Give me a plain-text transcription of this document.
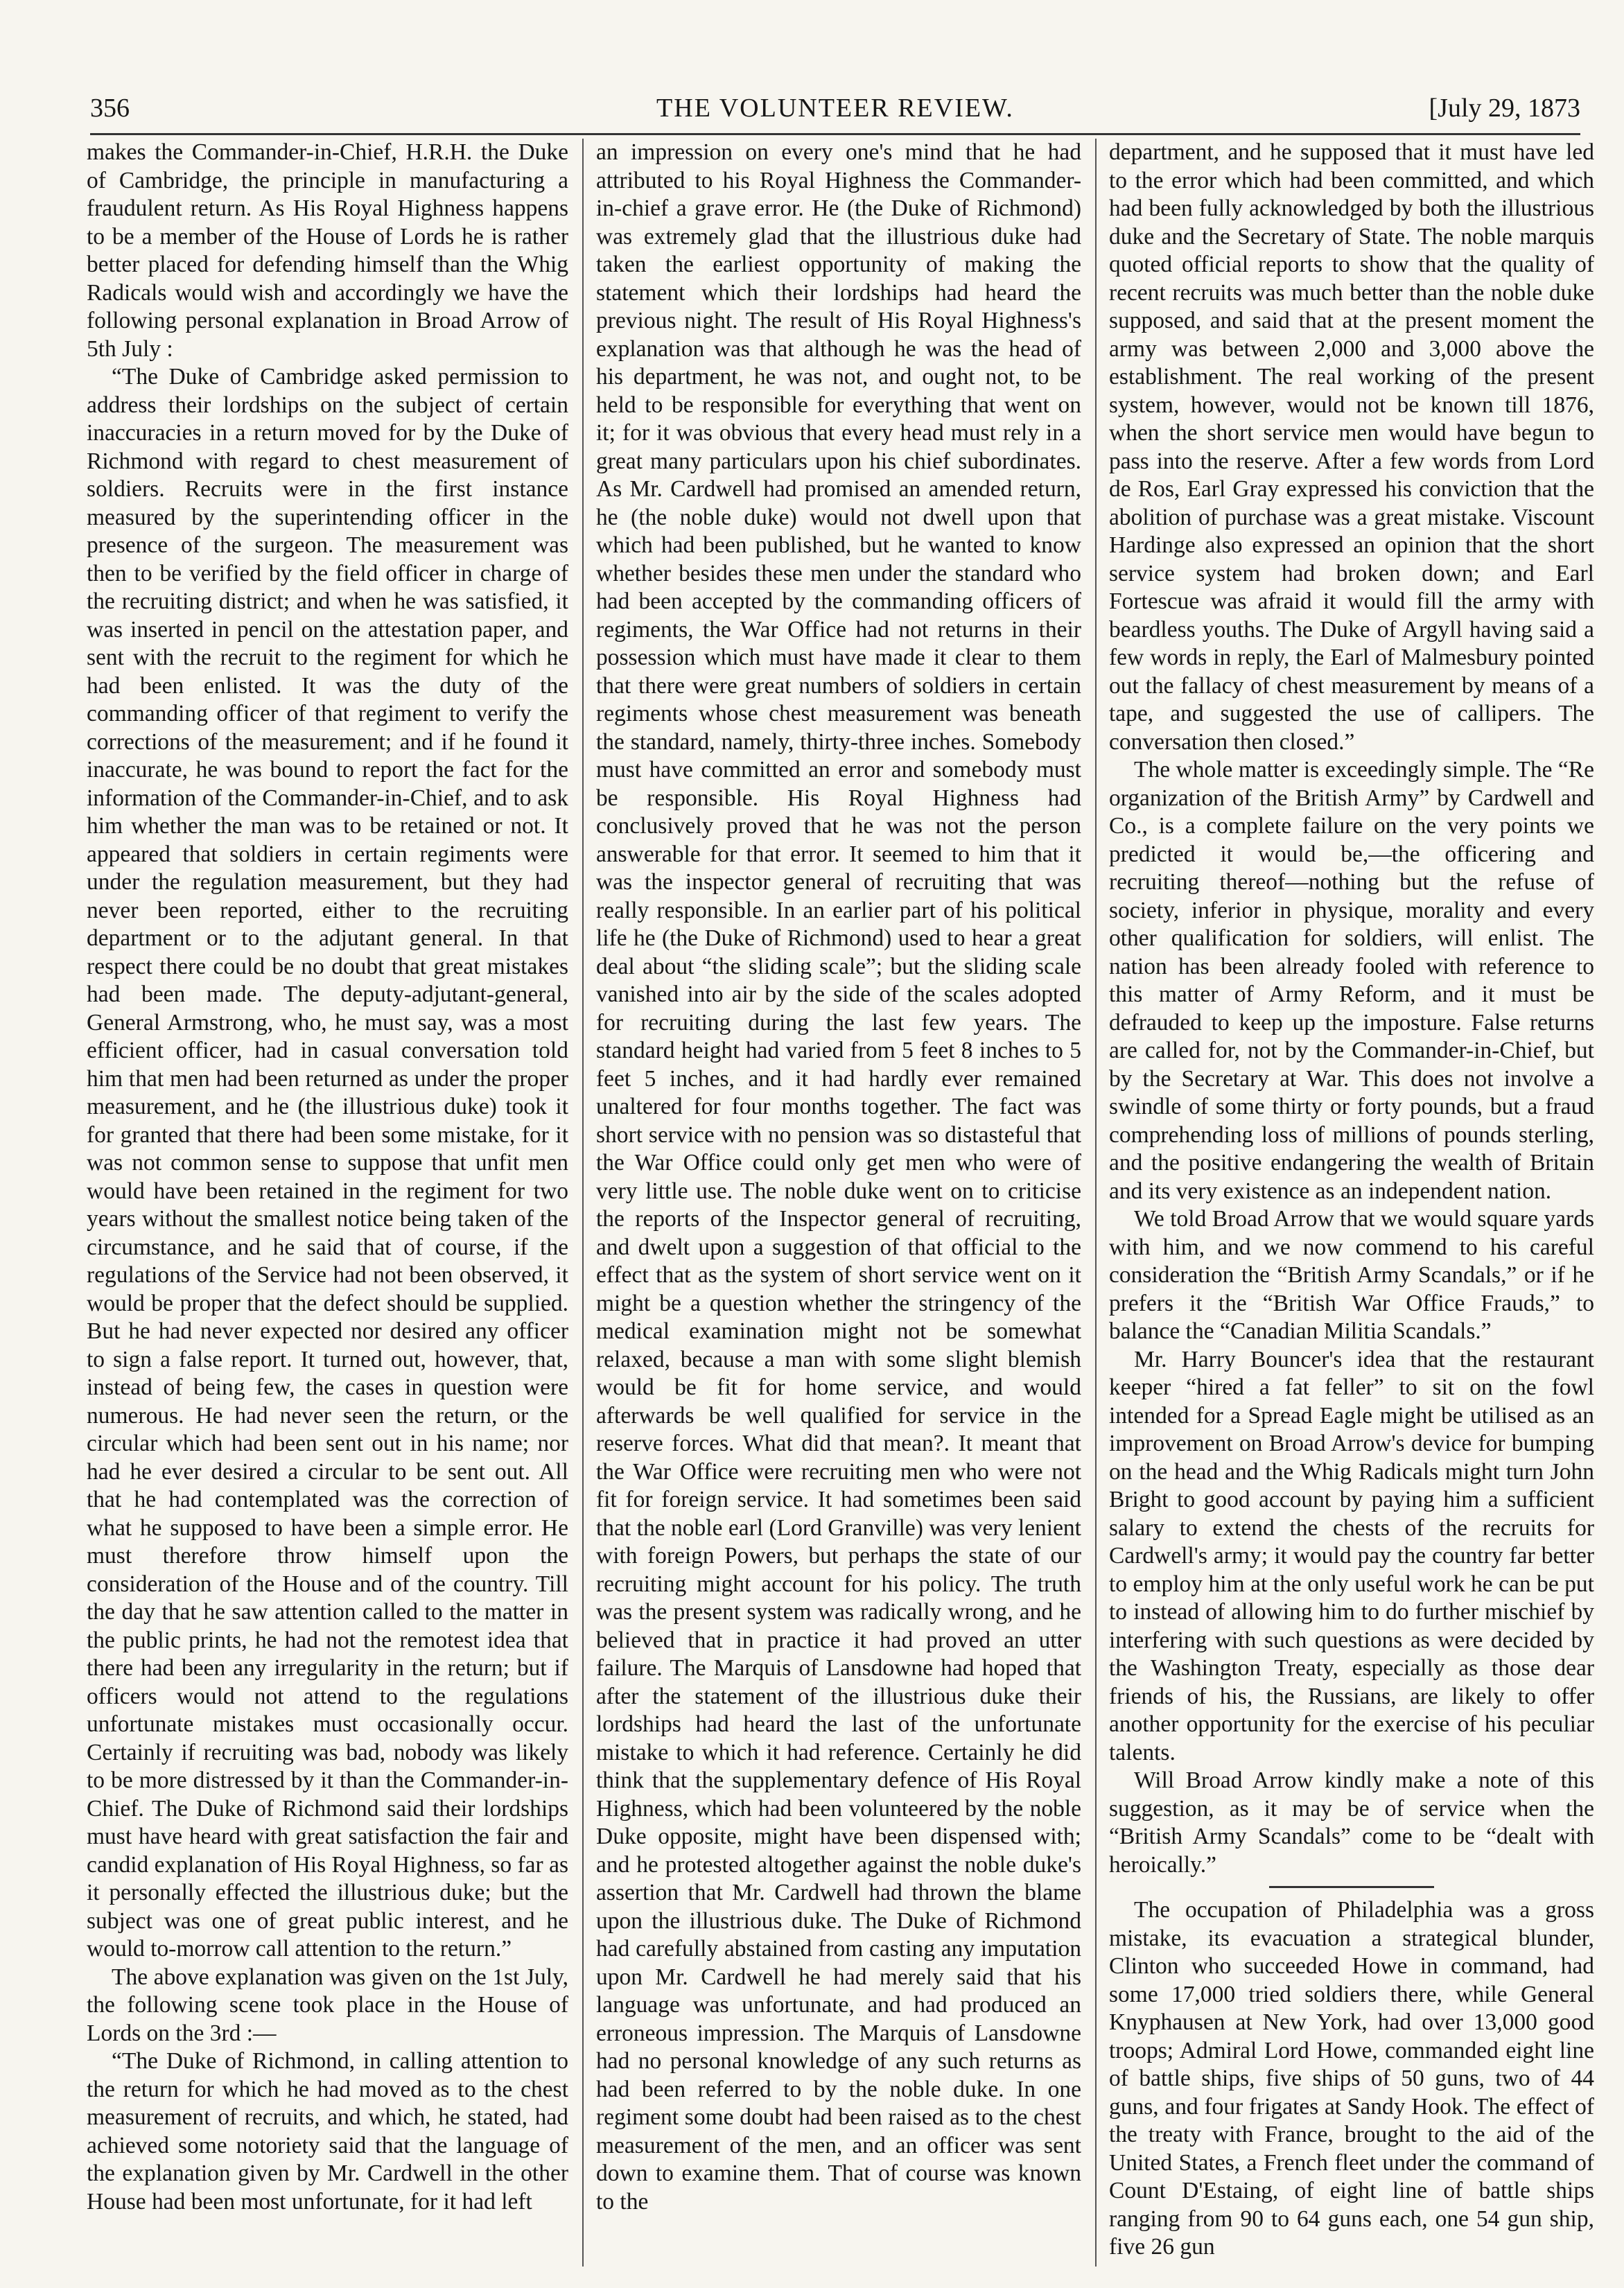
356	THE VOLUNTEER REVIEW.	[July 29, 1873

makes the Commander-in-Chief, H.R.H. the Duke of Cambridge, the principle in manufacturing a fraudulent return. As His Royal Highness happens to be a member of the House of Lords he is rather better placed for defending himself than the Whig Radicals would wish and accordingly we have the following personal explanation in Broad Arrow of 5th July :

“The Duke of Cambridge asked permission to address their lordships on the subject of certain inaccuracies in a return moved for by the Duke of Richmond with regard to chest measurement of soldiers. Recruits were in the first instance measured by the superintending officer in the presence of the surgeon. The measurement was then to be verified by the field officer in charge of the recruiting district; and when he was satisfied, it was inserted in pencil on the attestation paper, and sent with the recruit to the regiment for which he had been enlisted. It was the duty of the commanding officer of that regiment to verify the corrections of the measurement; and if he found it inaccurate, he was bound to report the fact for the information of the Commander-in-Chief, and to ask him whether the man was to be retained or not. It appeared that soldiers in certain regiments were under the regulation measurement, but they had never been reported, either to the recruiting department or to the adjutant general. In that respect there could be no doubt that great mistakes had been made. The deputy-adjutant-general, General Armstrong, who, he must say, was a most efficient officer, had in casual conversation told him that men had been returned as under the proper measurement, and he (the illustrious duke) took it for granted that there had been some mistake, for it was not common sense to suppose that unfit men would have been retained in the regiment for two years without the smallest notice being taken of the circumstance, and he said that of course, if the regulations of the Service had not been observed, it would be proper that the defect should be supplied. But he had never expected nor desired any officer to sign a false report. It turned out, however, that, instead of being few, the cases in question were numerous. He had never seen the return, or the circular which had been sent out in his name; nor had he ever desired a circular to be sent out. All that he had contemplated was the correction of what he supposed to have been a simple error. He must therefore throw himself upon the consideration of the House and of the country. Till the day that he saw attention called to the matter in the public prints, he had not the remotest idea that there had been any irregularity in the return; but if officers would not attend to the regulations unfortunate mistakes must occasionally occur. Certainly if recruiting was bad, nobody was likely to be more distressed by it than the Commander-in-Chief. The Duke of Richmond said their lordships must have heard with great satisfaction the fair and candid explanation of His Royal Highness, so far as it personally effected the illustrious duke; but the subject was one of great public interest, and he would to-morrow call attention to the return.”

The above explanation was given on the 1st July, the following scene took place in the House of Lords on the 3rd :—

“The Duke of Richmond, in calling attention to the return for which he had moved as to the chest measurement of recruits, and which, he stated, had achieved some notoriety said that the language of the explanation given by Mr. Cardwell in the other House had been most unfortunate, for it had left

an impression on every one's mind that he had attributed to his Royal Highness the Commander-in-chief a grave error. He (the Duke of Richmond) was extremely glad that the illustrious duke had taken the earliest opportunity of making the statement which their lordships had heard the previous night. The result of His Royal Highness's explanation was that although he was the head of his department, he was not, and ought not, to be held to be responsible for everything that went on it; for it was obvious that every head must rely in a great many particulars upon his chief subordinates. As Mr. Cardwell had promised an amended return, he (the noble duke) would not dwell upon that which had been published, but he wanted to know whether besides these men under the standard who had been accepted by the commanding officers of regiments, the War Office had not returns in their possession which must have made it clear to them that there were great numbers of soldiers in certain regiments whose chest measurement was beneath the standard, namely, thirty-three inches. Somebody must have committed an error and somebody must be responsible. His Royal Highness had conclusively proved that he was not the person answerable for that error. It seemed to him that it was the inspector general of recruiting that was really responsible. In an earlier part of his political life he (the Duke of Richmond) used to hear a great deal about “the sliding scale”; but the sliding scale vanished into air by the side of the scales adopted for recruiting during the last few years. The standard height had varied from 5 feet 8 inches to 5 feet 5 inches, and it had hardly ever remained unaltered for four months together. The fact was short service with no pension was so distasteful that the War Office could only get men who were of very little use. The noble duke went on to criticise the reports of the Inspector general of recruiting, and dwelt upon a suggestion of that official to the effect that as the system of short service went on it might be a question whether the stringency of the medical examination might not be somewhat relaxed, because a man with some slight blemish would be fit for home service, and would afterwards be well qualified for service in the reserve forces. What did that mean?. It meant that the War Office were recruiting men who were not fit for foreign service. It had sometimes been said that the noble earl (Lord Granville) was very lenient with foreign Powers, but perhaps the state of our recruiting might account for his policy. The truth was the present system was radically wrong, and he believed that in practice it had proved an utter failure. The Marquis of Lansdowne had hoped that after the statement of the illustrious duke their lordships had heard the last of the unfortunate mistake to which it had reference. Certainly he did think that the supplementary defence of His Royal Highness, which had been volunteered by the noble Duke opposite, might have been dispensed with; and he protested altogether against the noble duke's assertion that Mr. Cardwell had thrown the blame upon the illustrious duke. The Duke of Richmond had carefully abstained from casting any imputation upon Mr. Cardwell he had merely said that his language was unfortunate, and had produced an erroneous impression. The Marquis of Lansdowne had no personal knowledge of any such returns as had been referred to by the noble duke. In one regiment some doubt had been raised as to the chest measurement of the men, and an officer was sent down to examine them. That of course was known to the

department, and he supposed that it must have led to the error which had been committed, and which had been fully acknowledged by both the illustrious duke and the Secretary of State. The noble marquis quoted official reports to show that the quality of recent recruits was much better than the noble duke supposed, and said that at the present moment the army was between 2,000 and 3,000 above the establishment. The real working of the present system, however, would not be known till 1876, when the short service men would have begun to pass into the reserve. After a few words from Lord de Ros, Earl Gray expressed his conviction that the abolition of purchase was a great mistake. Viscount Hardinge also expressed an opinion that the short service system had broken down; and Earl Fortescue was afraid it would fill the army with beardless youths. The Duke of Argyll having said a few words in reply, the Earl of Malmesbury pointed out the fallacy of chest measurement by means of a tape, and suggested the use of callipers. The conversation then closed.”

The whole matter is exceedingly simple. The “Re organization of the British Army” by Cardwell and Co., is a complete failure on the very points we predicted it would be,—the officering and recruiting thereof—nothing but the refuse of society, inferior in physique, morality and every other qualification for soldiers, will enlist. The nation has been already fooled with reference to this matter of Army Reform, and it must be defrauded to keep up the imposture. False returns are called for, not by the Commander-in-Chief, but by the Secretary at War. This does not involve a swindle of some thirty or forty pounds, but a fraud comprehending loss of millions of pounds sterling, and the positive endangering the wealth of Britain and its very existence as an independent nation.

We told Broad Arrow that we would square yards with him, and we now commend to his careful consideration the “British Army Scandals,” or if he prefers it the “British War Office Frauds,” to balance the “Canadian Militia Scandals.”

Mr. Harry Bouncer's idea that the restaurant keeper “hired a fat feller” to sit on the fowl intended for a Spread Eagle might be utilised as an improvement on Broad Arrow's device for bumping on the head and the Whig Radicals might turn John Bright to good account by paying him a sufficient salary to extend the chests of the recruits for Cardwell's army; it would pay the country far better to employ him at the only useful work he can be put to instead of allowing him to do further mischief by interfering with such questions as were decided by the Washington Treaty, especially as those dear friends of his, the Russians, are likely to offer another opportunity for the exercise of his peculiar talents.

Will Broad Arrow kindly make a note of this suggestion, as it may be of service when the “British Army Scandals” come to be “dealt with heroically.”

The occupation of Philadelphia was a gross mistake, its evacuation a strategical blunder, Clinton who succeeded Howe in command, had some 17,000 tried soldiers there, while General Knyphausen at New York, had over 13,000 good troops; Admiral Lord Howe, commanded eight line of battle ships, five ships of 50 guns, two of 44 guns, and four frigates at Sandy Hook. The effect of the treaty with France, brought to the aid of the United States, a French fleet under the command of Count D'Estaing, of eight line of battle ships ranging from 90 to 64 guns each, one 54 gun ship, five 26 gun
